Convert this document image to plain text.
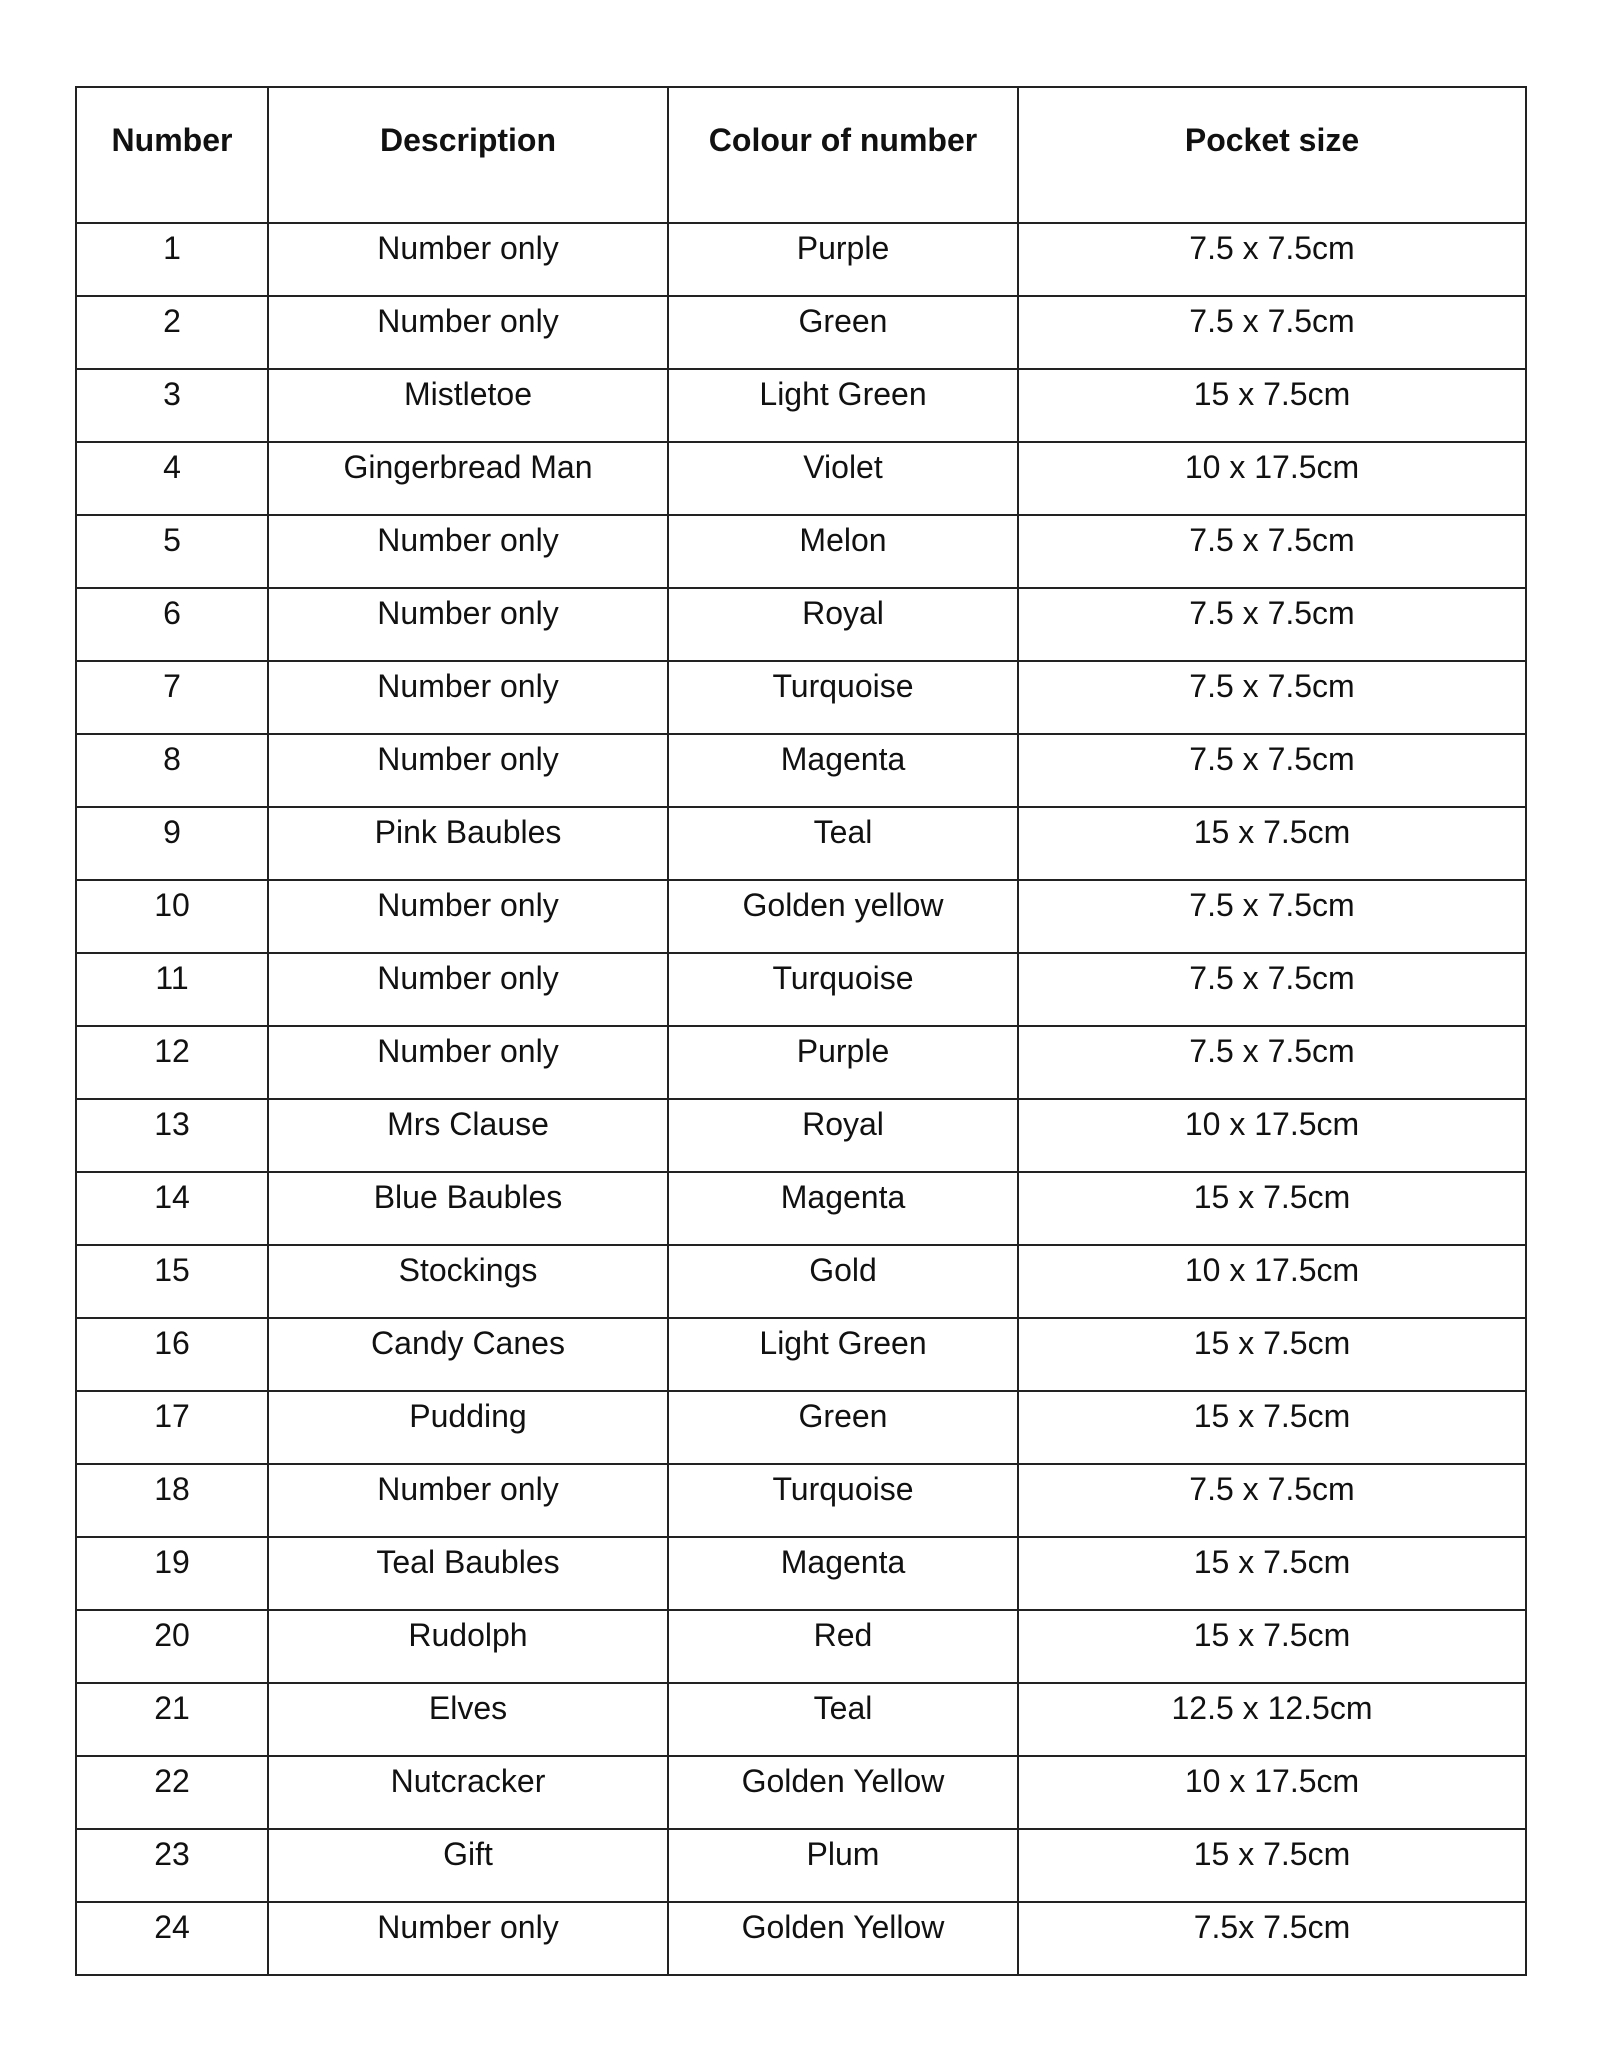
Number	Description	Colour of number	Pocket size
1	Number only	Purple	7.5 x 7.5cm
2	Number only	Green	7.5 x 7.5cm
3	Mistletoe	Light Green	15 x 7.5cm
4	Gingerbread Man	Violet	10 x 17.5cm
5	Number only	Melon	7.5 x 7.5cm
6	Number only	Royal	7.5 x 7.5cm
7	Number only	Turquoise	7.5 x 7.5cm
8	Number only	Magenta	7.5 x 7.5cm
9	Pink Baubles	Teal	15 x 7.5cm
10	Number only	Golden yellow	7.5 x 7.5cm
11	Number only	Turquoise	7.5 x 7.5cm
12	Number only	Purple	7.5 x 7.5cm
13	Mrs Clause	Royal	10 x 17.5cm
14	Blue Baubles	Magenta	15 x 7.5cm
15	Stockings	Gold	10 x 17.5cm
16	Candy Canes	Light Green	15 x 7.5cm
17	Pudding	Green	15 x 7.5cm
18	Number only	Turquoise	7.5 x 7.5cm
19	Teal Baubles	Magenta	15 x 7.5cm
20	Rudolph	Red	15 x 7.5cm
21	Elves	Teal	12.5 x 12.5cm
22	Nutcracker	Golden Yellow	10 x 17.5cm
23	Gift	Plum	15 x 7.5cm
24	Number only	Golden Yellow	7.5x 7.5cm
